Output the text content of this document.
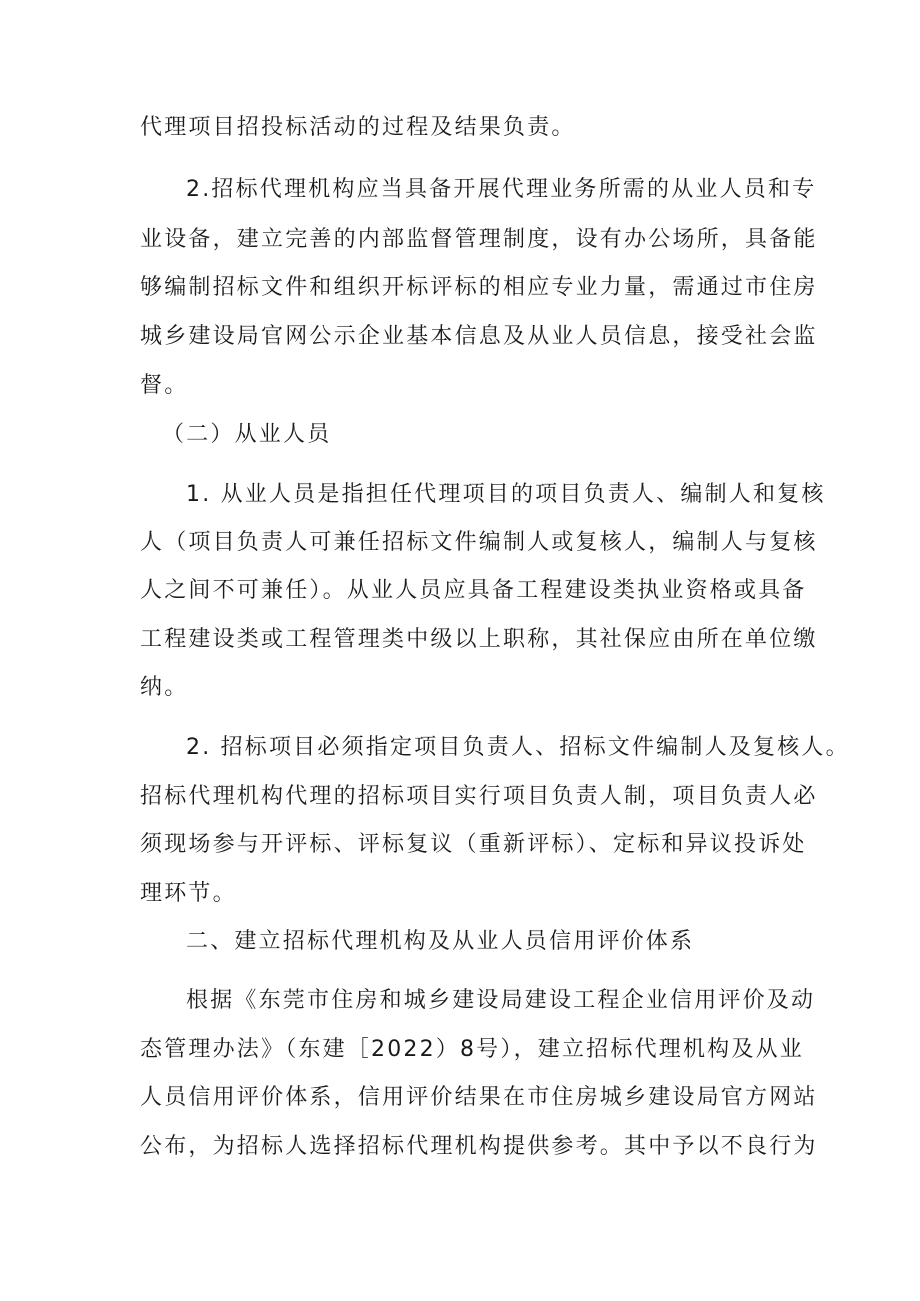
代理项目招投标活动的过程及结果负责。
2.招标代理机构应当具备开展代理业务所需的从业人员和专
业设备，建立完善的内部监督管理制度，设有办公场所，具备能
够编制招标文件和组织开标评标的相应专业力量，需通过市住房
城乡建设局官网公示企业基本信息及从业人员信息，接受社会监
督。
（二）从业人员
1. 从业人员是指担任代理项目的项目负责人、编制人和复核
人（项目负责人可兼任招标文件编制人或复核人，编制人与复核
人之间不可兼任）。从业人员应具备工程建设类执业资格或具备
工程建设类或工程管理类中级以上职称，其社保应由所在单位缴
纳。
2. 招标项目必须指定项目负责人、招标文件编制人及复核人。
招标代理机构代理的招标项目实行项目负责人制，项目负责人必
须现场参与开评标、评标复议（重新评标）、定标和异议投诉处
理环节。
二、建立招标代理机构及从业人员信用评价体系
根据《东莞市住房和城乡建设局建设工程企业信用评价及动
态管理办法》（东建［2022）8号），建立招标代理机构及从业
人员信用评价体系，信用评价结果在市住房城乡建设局官方网站
公布，为招标人选择招标代理机构提供参考。其中予以不良行为
